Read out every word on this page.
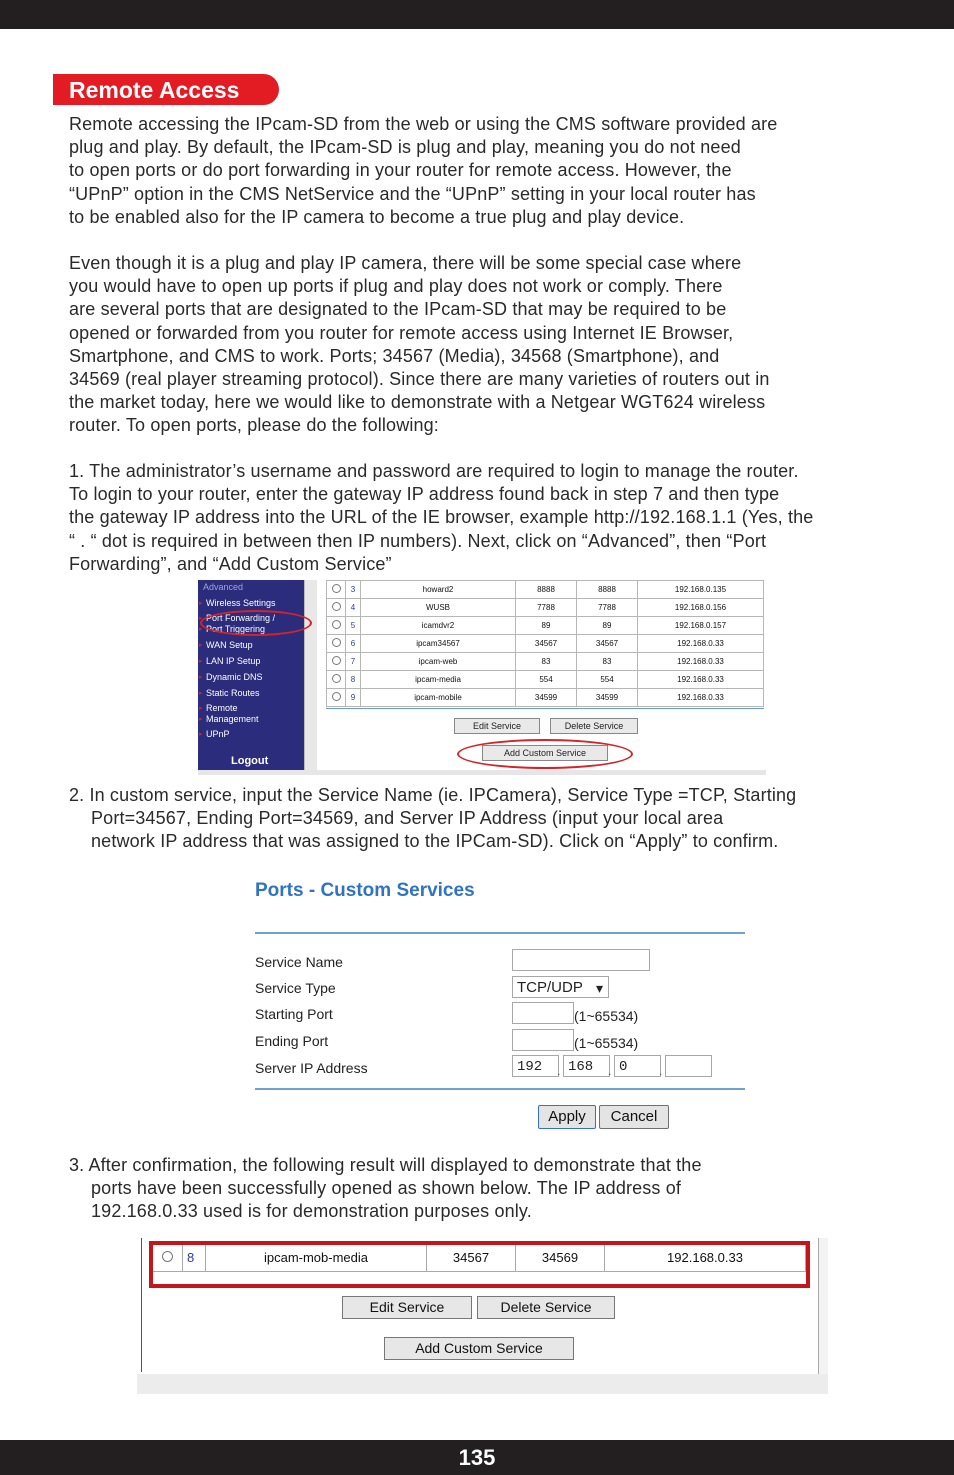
Remote Access

Remote accessing the IPcam-SD from the web or using the CMS software provided are
plug and play. By default, the IPcam-SD is plug and play, meaning you do not need
to open ports or do port forwarding in your router for remote access. However, the
“UPnP” option in the CMS NetService and the “UPnP” setting in your local router has
to be enabled also for the IP camera to become a true plug and play device.

Even though it is a plug and play IP camera, there will be some special case where
you would have to open up ports if plug and play does not work or comply. There
are several ports that are designated to the IPcam-SD that may be required to be
opened or forwarded from you router for remote access using Internet IE Browser,
Smartphone, and CMS to work. Ports; 34567 (Media), 34568 (Smartphone), and
34569 (real player streaming protocol). Since there are many varieties of routers out in
the market today, here we would like to demonstrate with a Netgear WGT624 wireless
router. To open ports, please do the following:

1. The administrator’s username and password are required to login to manage the router.
To login to your router, enter the gateway IP address found back in step 7 and then type
the gateway IP address into the URL of the IE browser, example http://192.168.1.1 (Yes, the
“ . “ dot is required in between then IP numbers). Next, click on “Advanced”, then “Port
Forwarding”, and “Add Custom Service”

Advanced
▸ Wireless Settings
▸ Port Forwarding /
▸ Port Triggering
▸ WAN Setup
▸ LAN IP Setup
▸ Dynamic DNS
▸ Static Routes
▸ Remote
▸ Management
▸ UPnP
Logout
	3	howard2	8888	8888	192.168.0.135
	4	WUSB	7788	7788	192.168.0.156
	5	icamdvr2	89	89	192.168.0.157
	6	ipcam34567	34567	34567	192.168.0.33
	7	ipcam-web	83	83	192.168.0.33
	8	ipcam-media	554	554	192.168.0.33
	9	ipcam-mobile	34599	34599	192.168.0.33
Edit Service	Delete Service
Add Custom Service

2. In custom service, input the Service Name (ie. IPCamera), Service Type =TCP, Starting
Port=34567, Ending Port=34569, and Server IP Address (input your local area
network IP address that was assigned to the IPCam-SD). Click on “Apply” to confirm.

Ports - Custom Services
Service Name
Service Type	TCP/UDP ▾
Starting Port	(1~65534)
Ending Port	(1~65534)
Server IP Address	192	. 168	. 0	.
Apply	Cancel

3. After confirmation, the following result will displayed to demonstrate that the
ports have been successfully opened as shown below. The IP address of
192.168.0.33 used is for demonstration purposes only.

	8	ipcam-mob-media	34567	34569	192.168.0.33
Edit Service	Delete Service
Add Custom Service
135
